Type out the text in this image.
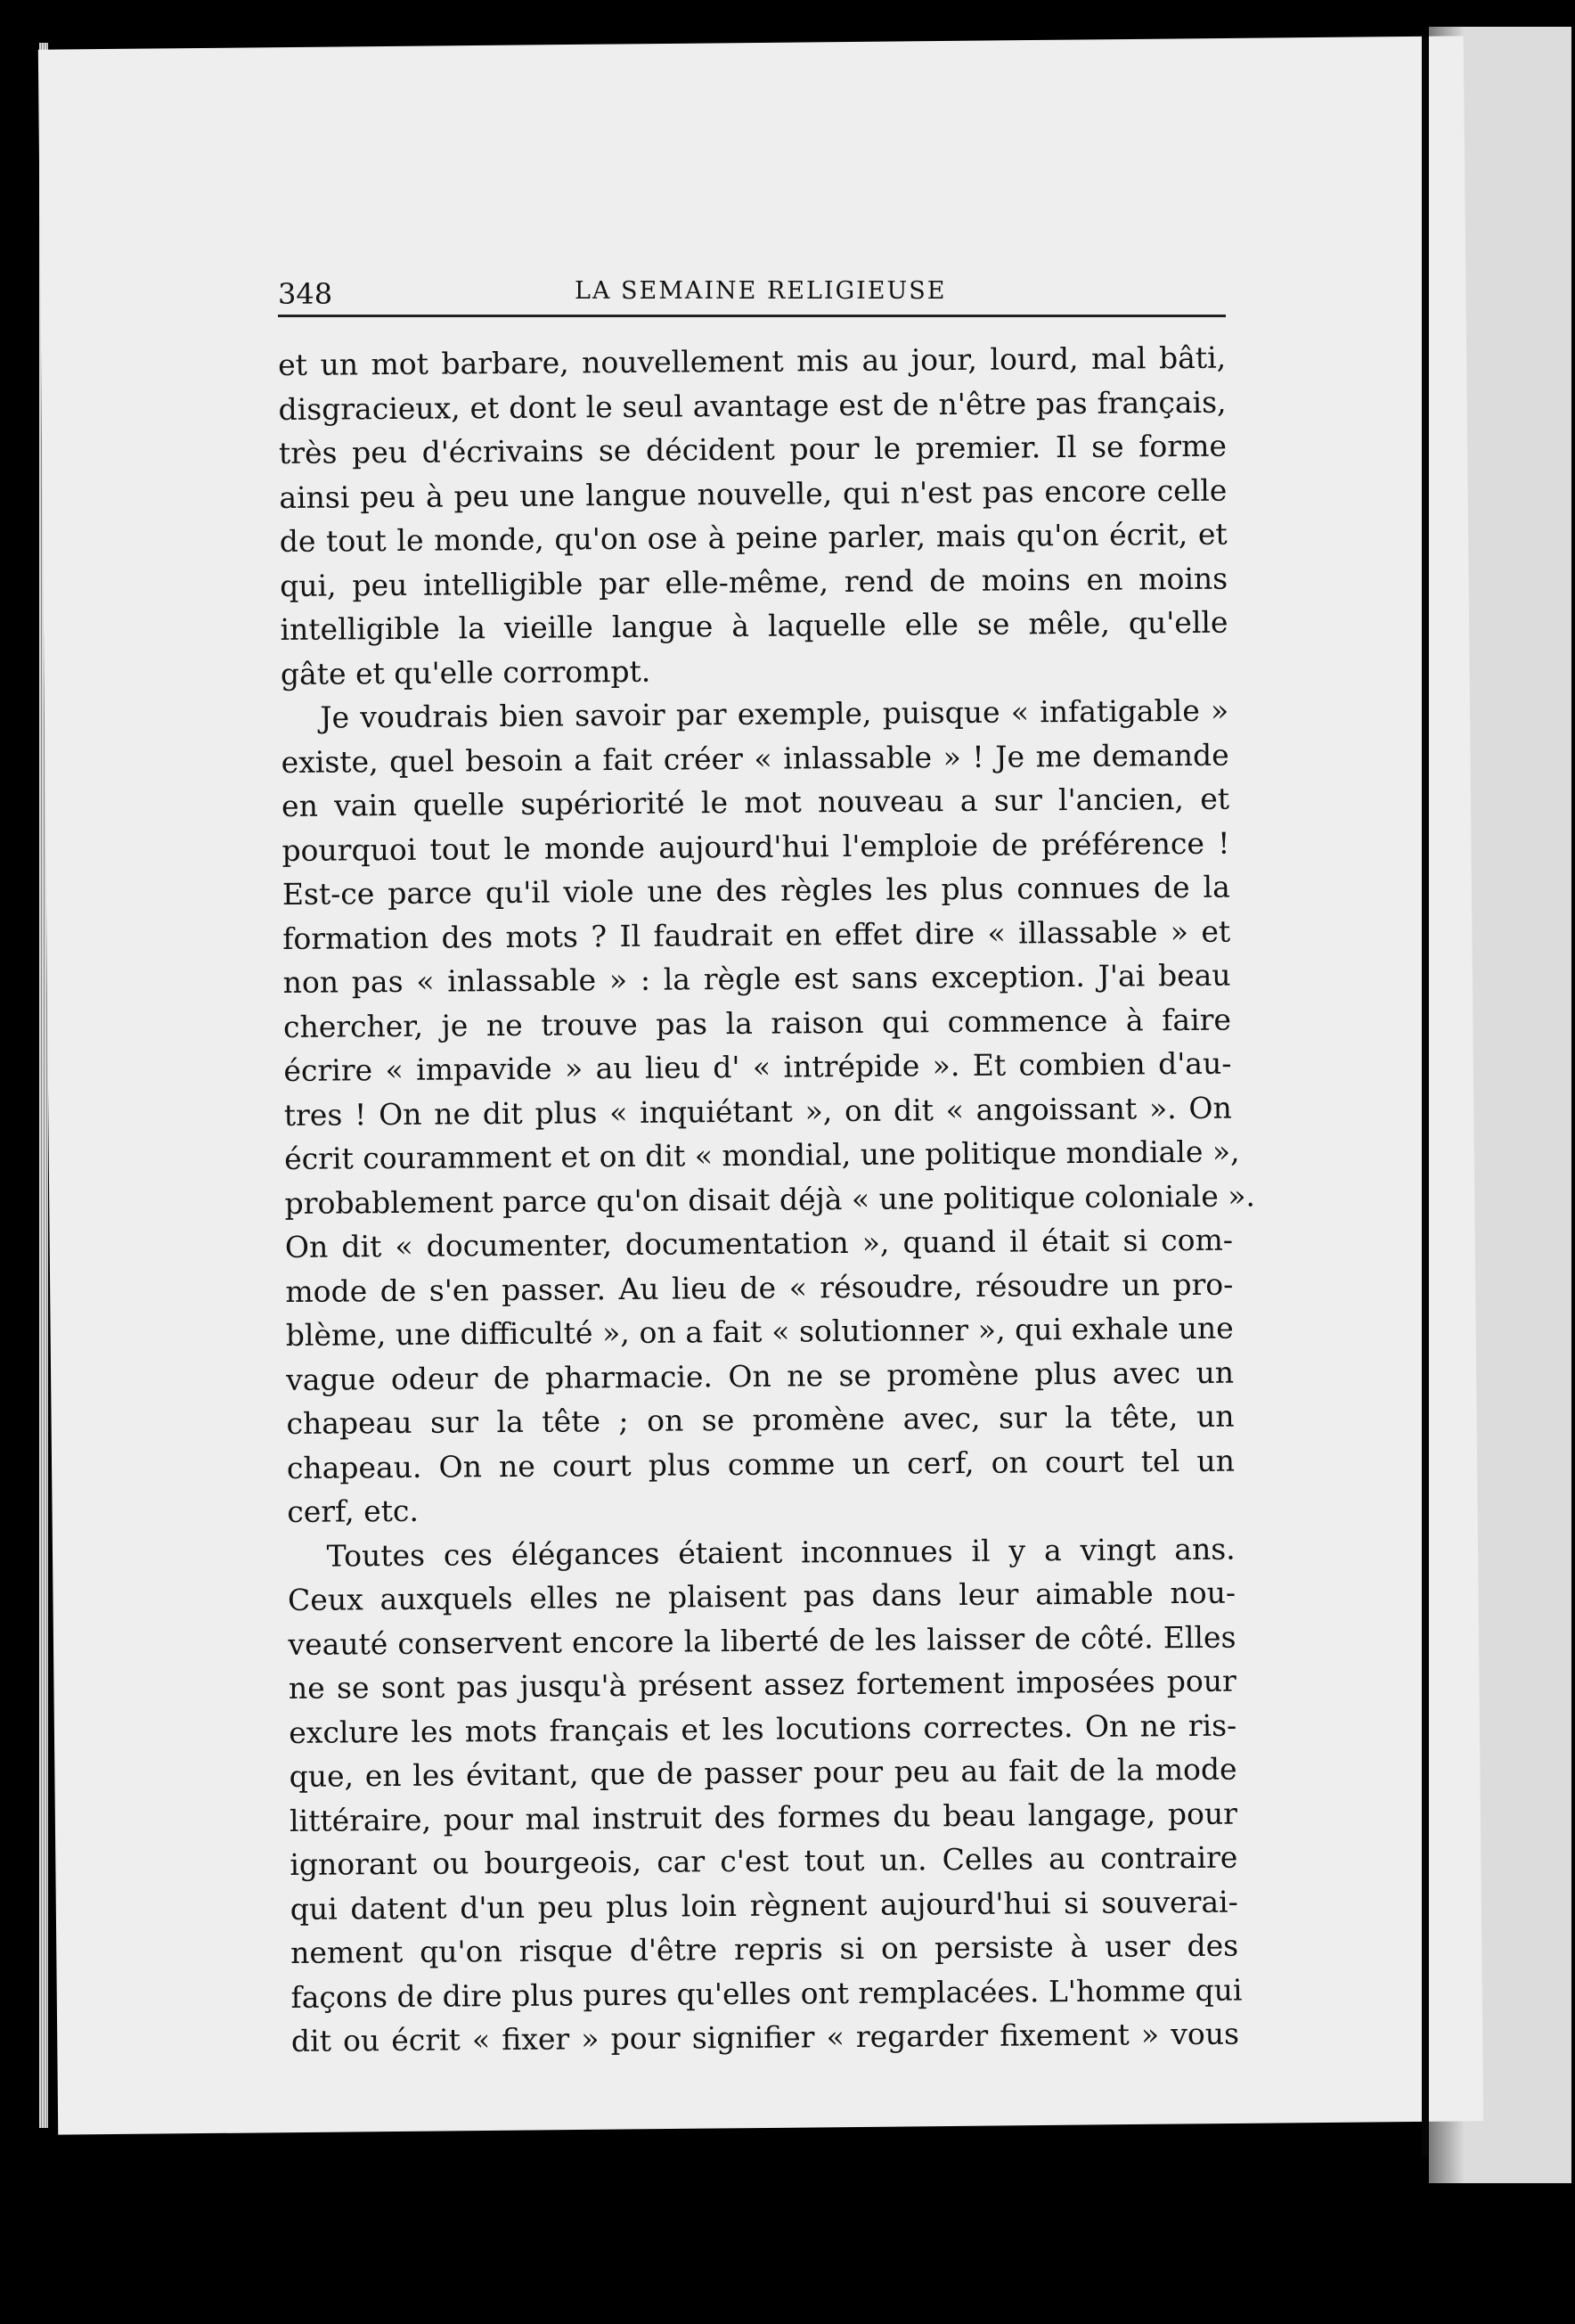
348	LA SEMAINE RELIGIEUSE
et un mot barbare, nouvellement mis au jour, lourd, mal bâti,
disgracieux, et dont le seul avantage est de n'être pas français,
très peu d'écrivains se décident pour le premier. Il se forme
ainsi peu à peu une langue nouvelle, qui n'est pas encore celle
de tout le monde, qu'on ose à peine parler, mais qu'on écrit, et
qui, peu intelligible par elle-même, rend de moins en moins
intelligible la vieille langue à laquelle elle se mêle, qu'elle
gâte et qu'elle corrompt.
Je voudrais bien savoir par exemple, puisque « infatigable »
existe, quel besoin a fait créer « inlassable » ! Je me demande
en vain quelle supériorité le mot nouveau a sur l'ancien, et
pourquoi tout le monde aujourd'hui l'emploie de préférence !
Est-ce parce qu'il viole une des règles les plus connues de la
formation des mots ? Il faudrait en effet dire « illassable » et
non pas « inlassable » : la règle est sans exception. J'ai beau
chercher, je ne trouve pas la raison qui commence à faire
écrire « impavide » au lieu d' « intrépide ». Et combien d'au-
tres ! On ne dit plus « inquiétant », on dit « angoissant ». On
écrit couramment et on dit « mondial, une politique mondiale »,
probablement parce qu'on disait déjà « une politique coloniale ».
On dit « documenter, documentation », quand il était si com-
mode de s'en passer. Au lieu de « résoudre, résoudre un pro-
blème, une difficulté », on a fait « solutionner », qui exhale une
vague odeur de pharmacie. On ne se promène plus avec un
chapeau sur la tête ; on se promène avec, sur la tête, un
chapeau. On ne court plus comme un cerf, on court tel un
cerf, etc.
Toutes ces élégances étaient inconnues il y a vingt ans.
Ceux auxquels elles ne plaisent pas dans leur aimable nou-
veauté conservent encore la liberté de les laisser de côté. Elles
ne se sont pas jusqu'à présent assez fortement imposées pour
exclure les mots français et les locutions correctes. On ne ris-
que, en les évitant, que de passer pour peu au fait de la mode
littéraire, pour mal instruit des formes du beau langage, pour
ignorant ou bourgeois, car c'est tout un. Celles au contraire
qui datent d'un peu plus loin règnent aujourd'hui si souverai-
nement qu'on risque d'être repris si on persiste à user des
façons de dire plus pures qu'elles ont remplacées. L'homme qui
dit ou écrit « fixer » pour signifier « regarder fixement » vous
